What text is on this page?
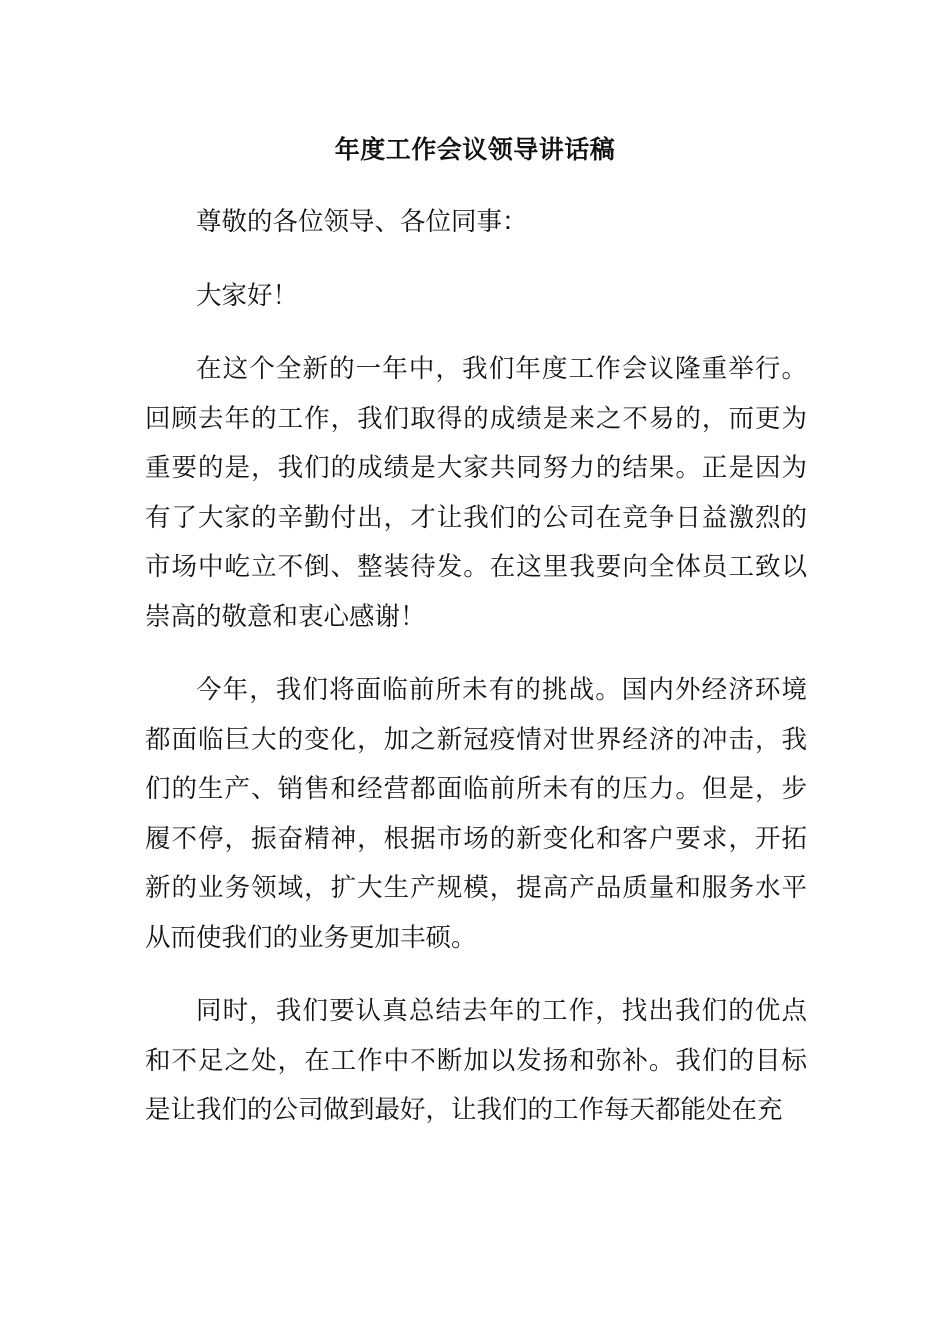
年度工作会议领导讲话稿

尊敬的各位领导、各位同事：

大家好！

在这个全新的一年中，我们年度工作会议隆重举行。回顾去年的工作，我们取得的成绩是来之不易的，而更为重要的是，我们的成绩是大家共同努力的结果。正是因为有了大家的辛勤付出，才让我们的公司在竞争日益激烈的市场中屹立不倒、整装待发。在这里我要向全体员工致以崇高的敬意和衷心感谢！

今年，我们将面临前所未有的挑战。国内外经济环境都面临巨大的变化，加之新冠疫情对世界经济的冲击，我们的生产、销售和经营都面临前所未有的压力。但是，步履不停，振奋精神，根据市场的新变化和客户要求，开拓新的业务领域，扩大生产规模，提高产品质量和服务水平从而使我们的业务更加丰硕。

同时，我们要认真总结去年的工作，找出我们的优点和不足之处，在工作中不断加以发扬和弥补。我们的目标是让我们的公司做到最好，让我们的工作每天都能处在充
